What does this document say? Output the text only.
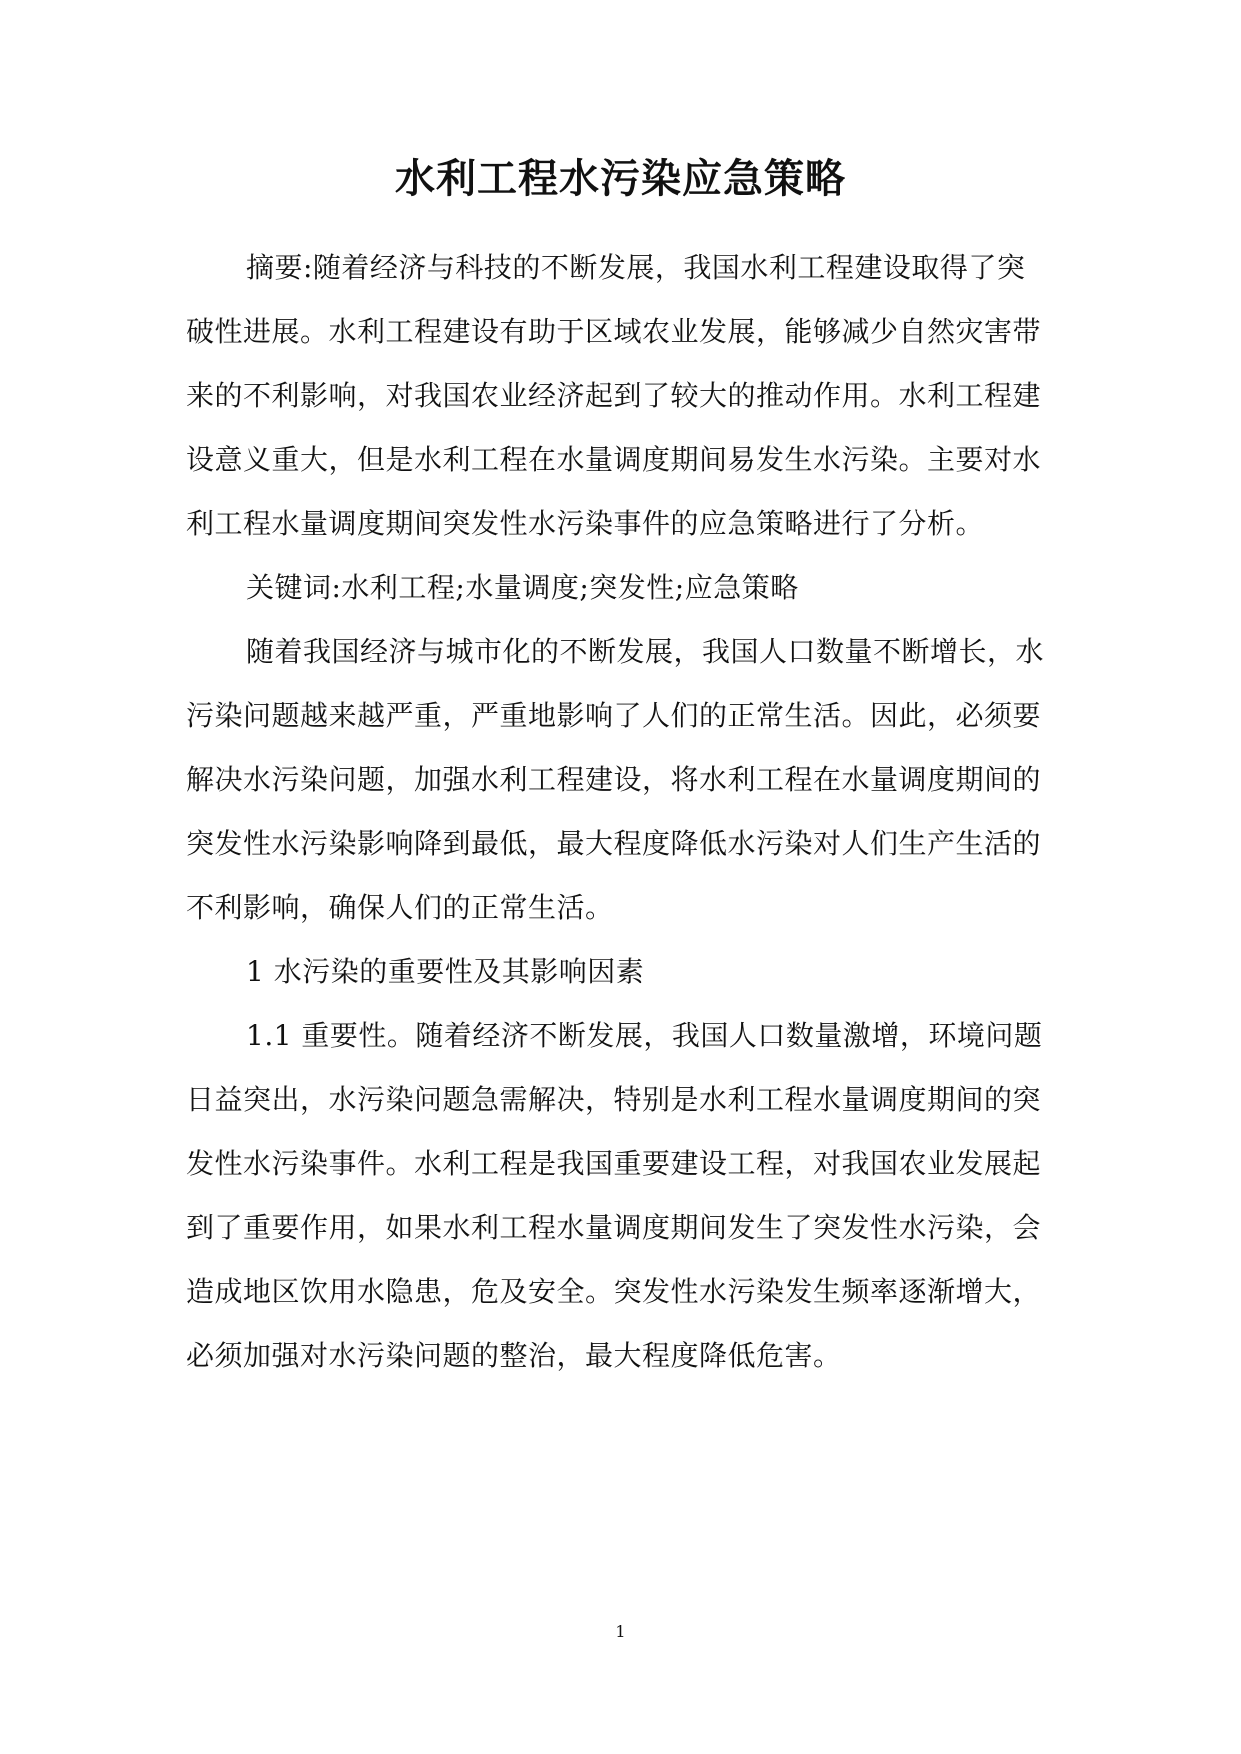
水利工程水污染应急策略
摘要:随着经济与科技的不断发展，我国水利工程建设取得了突
破性进展。水利工程建设有助于区域农业发展，能够减少自然灾害带
来的不利影响，对我国农业经济起到了较大的推动作用。水利工程建
设意义重大，但是水利工程在水量调度期间易发生水污染。主要对水
利工程水量调度期间突发性水污染事件的应急策略进行了分析。
关键词:水利工程;水量调度;突发性;应急策略
随着我国经济与城市化的不断发展，我国人口数量不断增长，水
污染问题越来越严重，严重地影响了人们的正常生活。因此，必须要
解决水污染问题，加强水利工程建设，将水利工程在水量调度期间的
突发性水污染影响降到最低，最大程度降低水污染对人们生产生活的
不利影响，确保人们的正常生活。
1 水污染的重要性及其影响因素
1.1 重要性。随着经济不断发展，我国人口数量激增，环境问题
日益突出，水污染问题急需解决，特别是水利工程水量调度期间的突
发性水污染事件。水利工程是我国重要建设工程，对我国农业发展起
到了重要作用，如果水利工程水量调度期间发生了突发性水污染，会
造成地区饮用水隐患，危及安全。突发性水污染发生频率逐渐增大，
必须加强对水污染问题的整治，最大程度降低危害。
1
